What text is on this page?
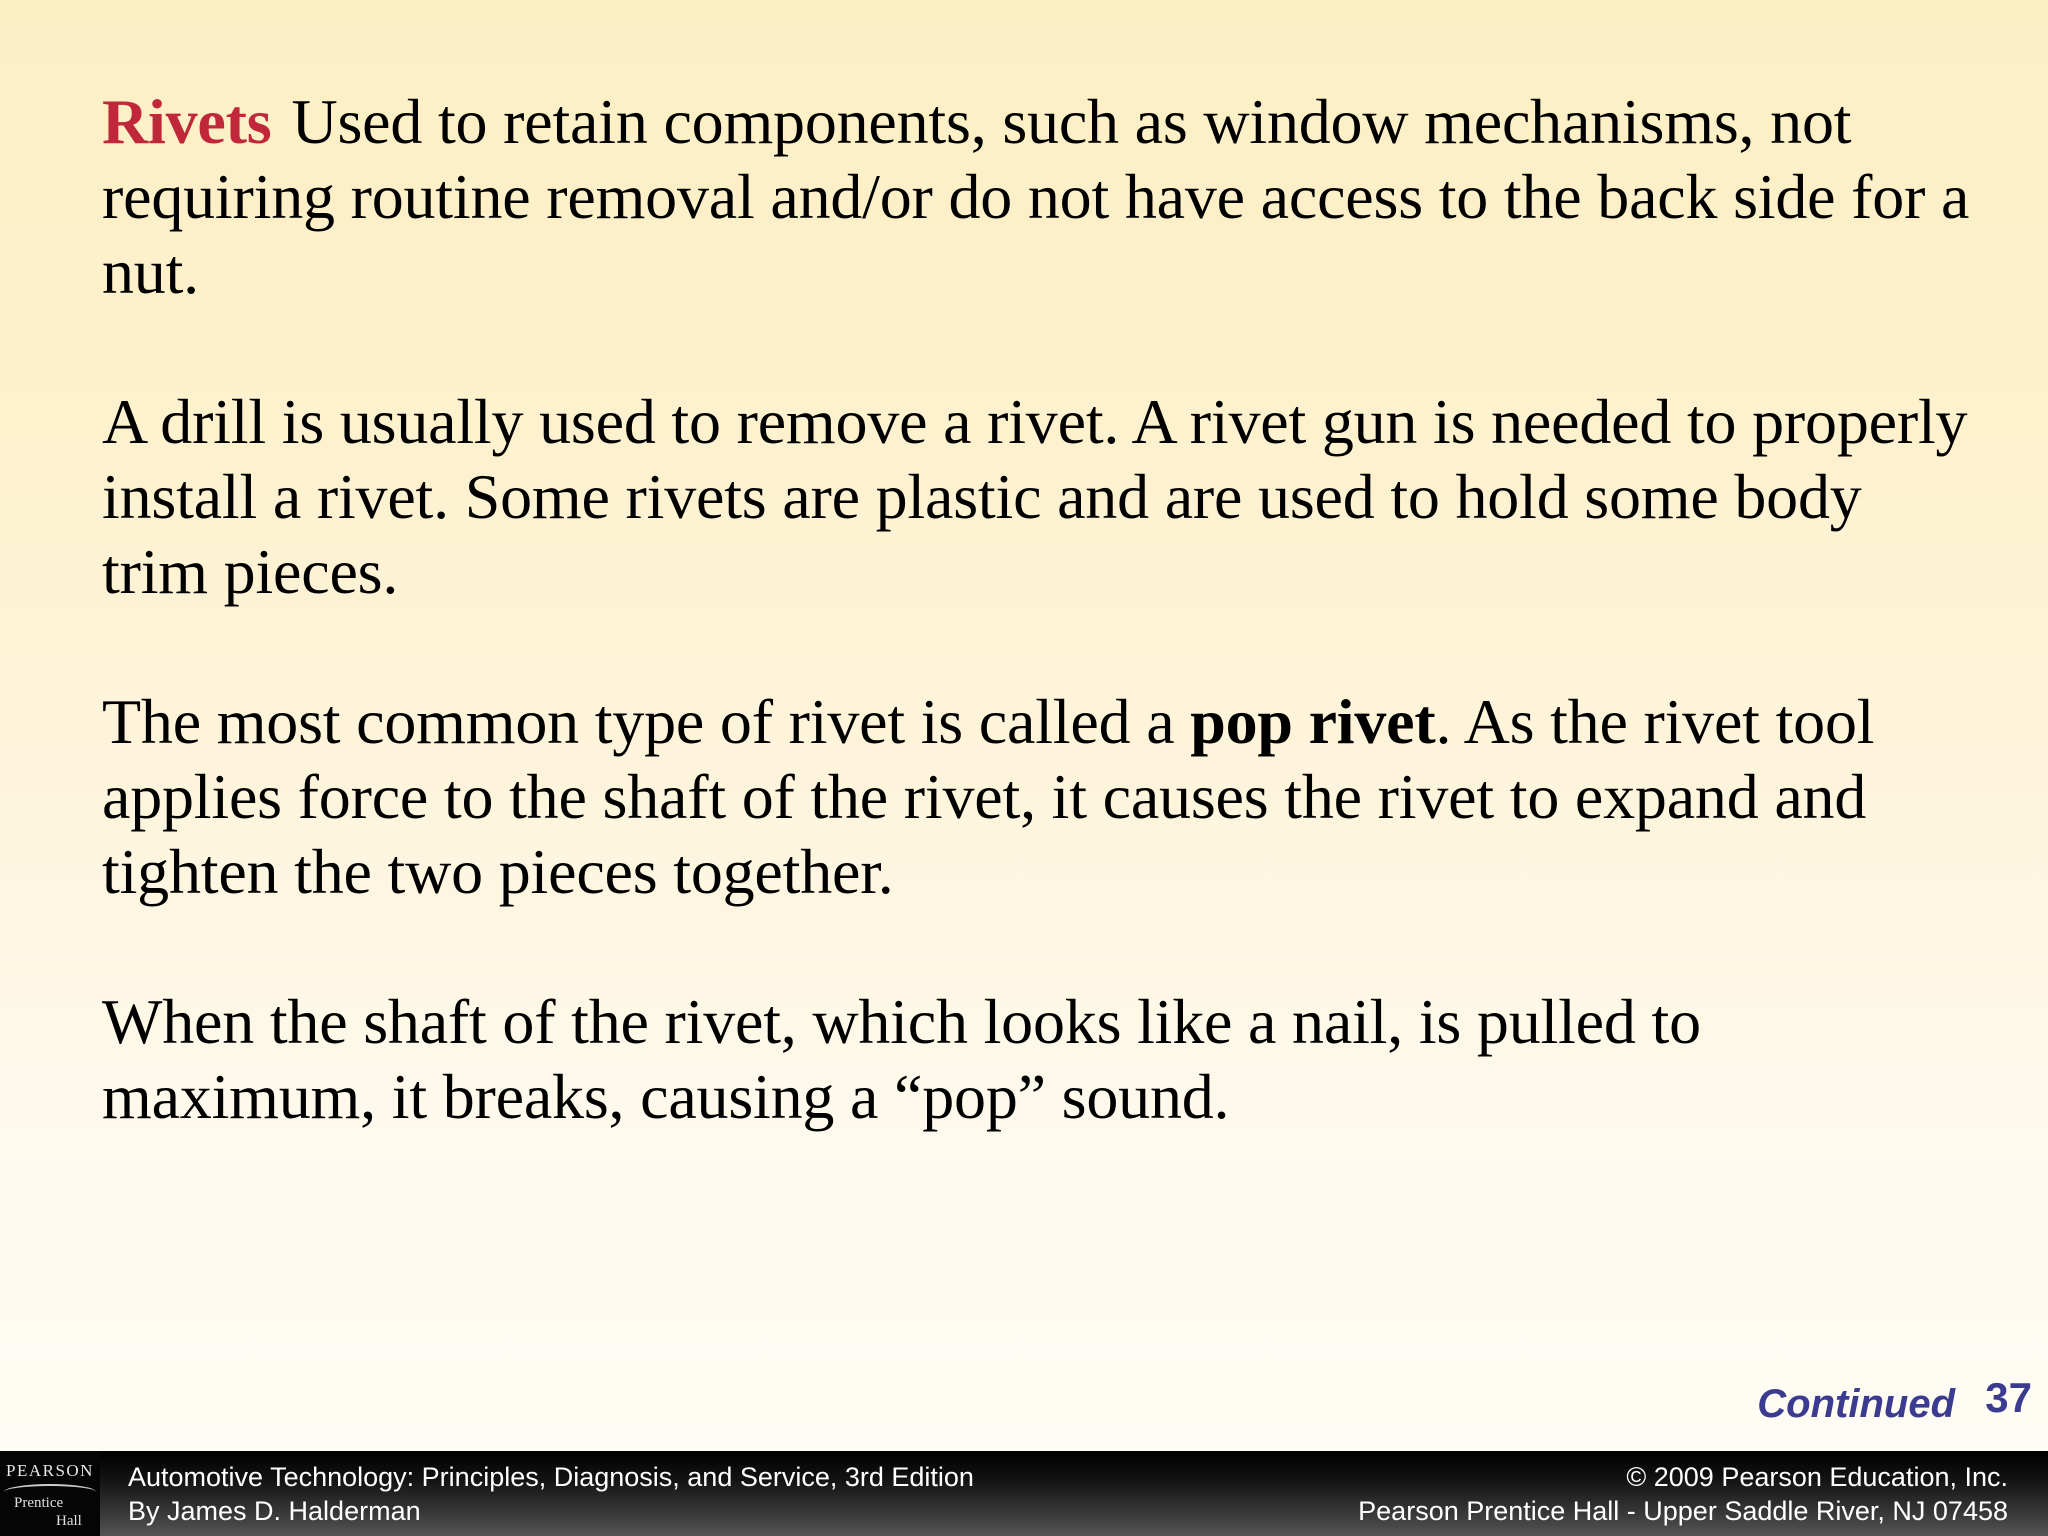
Rivets Used to retain components, such as window mechanisms, not requiring routine removal and/or do not have access to the back side for a nut.

A drill is usually used to remove a rivet. A rivet gun is needed to properly install a rivet. Some rivets are plastic and are used to hold some body trim pieces.

The most common type of rivet is called a pop rivet. As the rivet tool applies force to the shaft of the rivet, it causes the rivet to expand and tighten the two pieces together.

When the shaft of the rivet, which looks like a nail, is pulled to maximum, it breaks, causing a “pop” sound.

Continued 37
PEARSON
Prentice
Hall
Automotive Technology: Principles, Diagnosis, and Service, 3rd Edition
By James D. Halderman
© 2009 Pearson Education, Inc.
Pearson Prentice Hall - Upper Saddle River, NJ 07458
